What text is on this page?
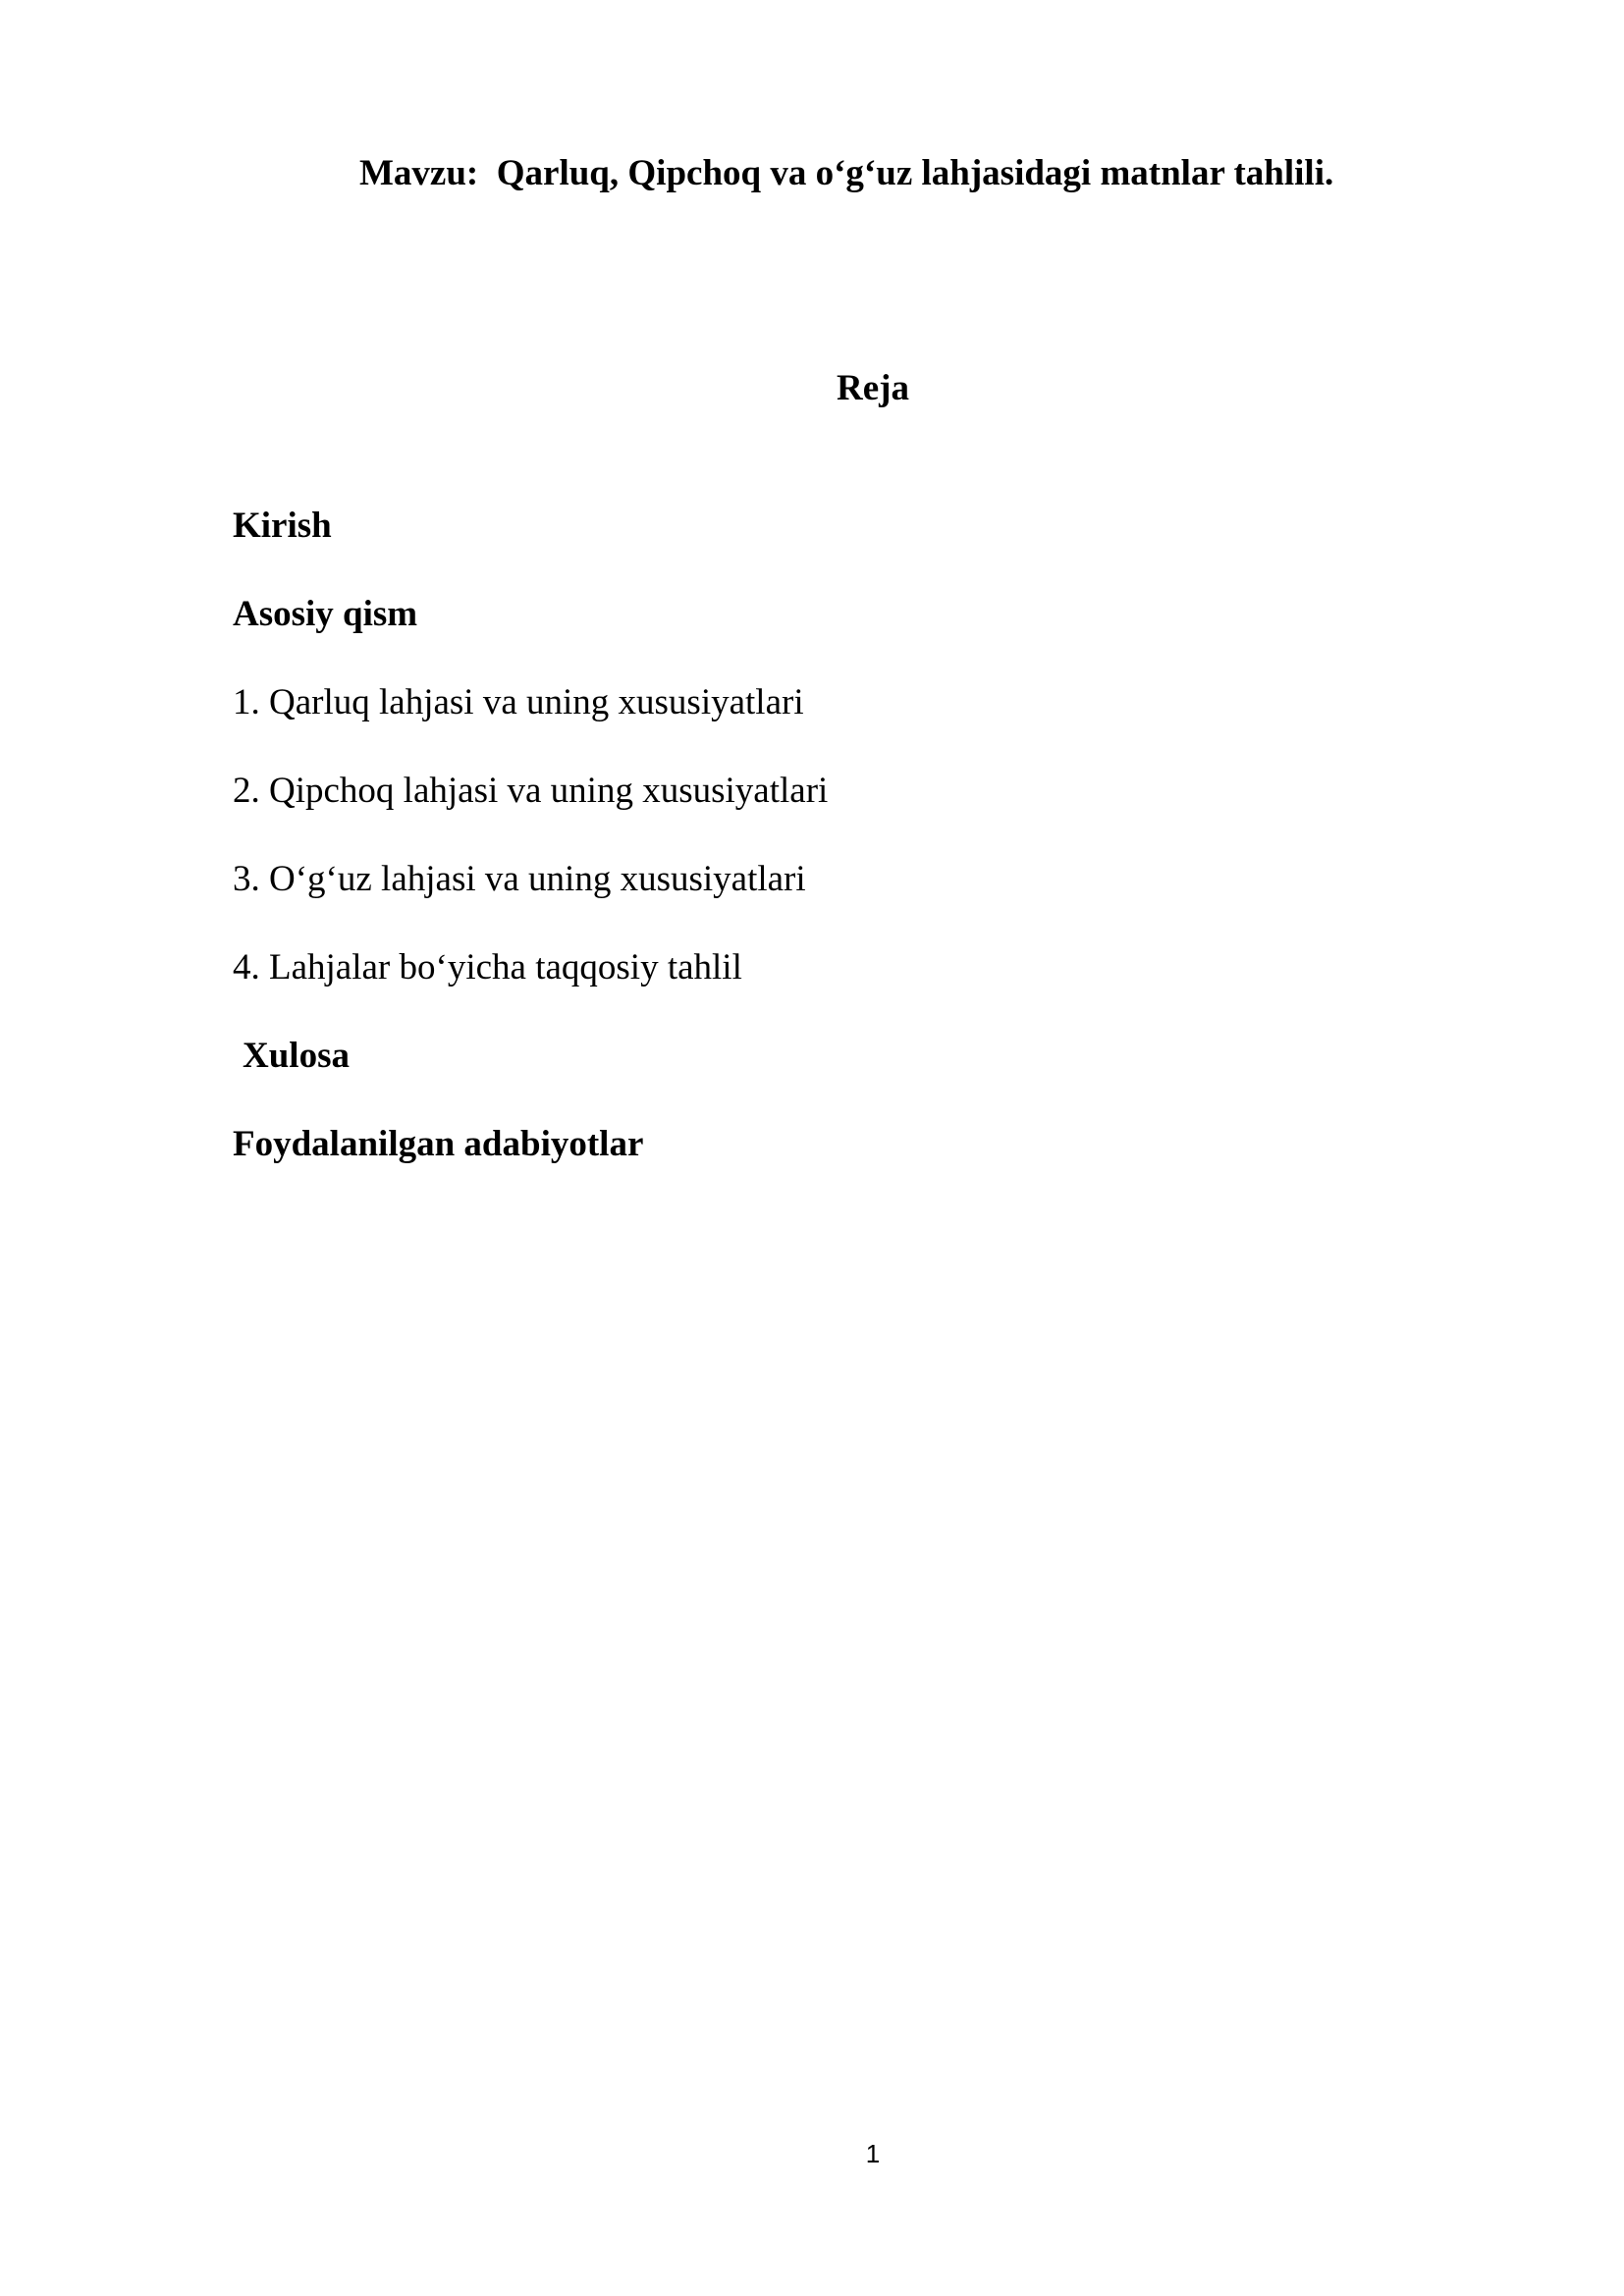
Mavzu:  Qarluq, Qipchoq va o‘g‘uz lahjasidagi matnlar tahlili.
Reja
Kirish
Asosiy qism
1. Qarluq lahjasi va uning xususiyatlari
2. Qipchoq lahjasi va uning xususiyatlari
3. O‘g‘uz lahjasi va uning xususiyatlari
4. Lahjalar bo‘yicha taqqosiy tahlil
Xulosa
Foydalanilgan adabiyotlar
1
